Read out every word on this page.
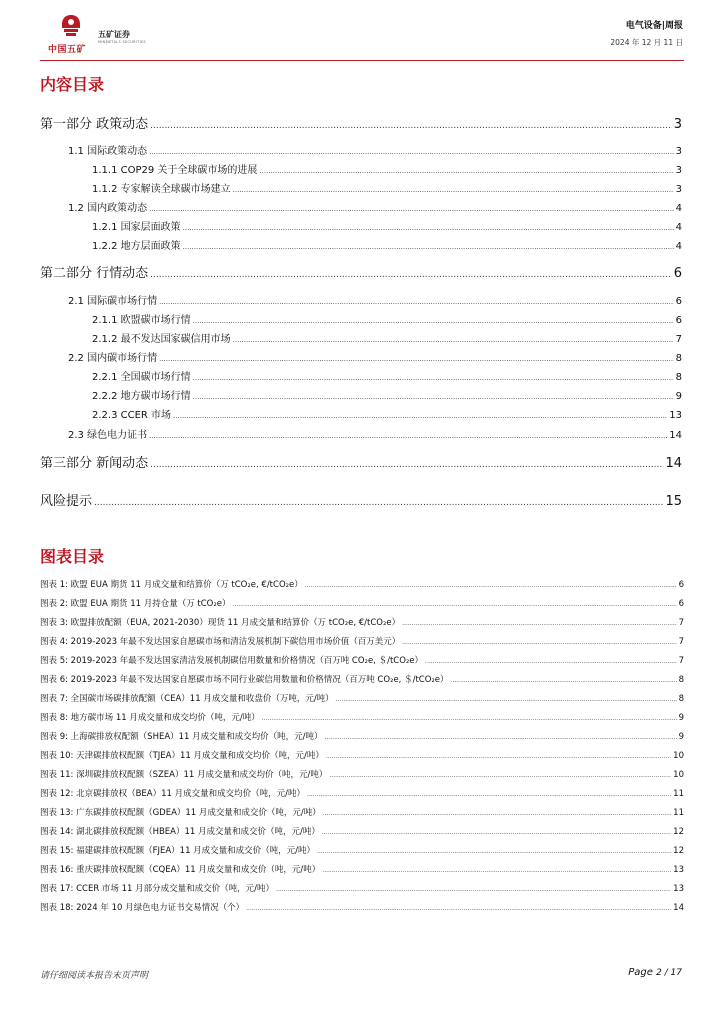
中国五矿
五矿证券
MINMETALS SECURITIES
电气设备|周报
2024 年 12 月 11 日
内容目录
第一部分 政策动态 .....	3
1.1 国际政策动态 .....	3
1.1.1 COP29 关于全球碳市场的进展 .....	3
1.1.2 专家解读全球碳市场建立 .....	3
1.2 国内政策动态 .....	4
1.2.1 国家层面政策 .....	4
1.2.2 地方层面政策 .....	4
第二部分 行情动态 .....	6
2.1 国际碳市场行情 .....	6
2.1.1 欧盟碳市场行情 .....	6
2.1.2 最不发达国家碳信用市场 .....	7
2.2 国内碳市场行情 .....	8
2.2.1 全国碳市场行情 .....	8
2.2.2 地方碳市场行情 .....	9
2.2.3 CCER 市场 .....	13
2.3 绿色电力证书 .....	14
第三部分 新闻动态 .....	14
风险提示 .....	15
图表目录
图表 1: 欧盟 EUA 期货 11 月成交量和结算价（万 tCO₂e, €/tCO₂e） .....	6
图表 2: 欧盟 EUA 期货 11 月持仓量（万 tCO₂e） .....	6
图表 3: 欧盟排放配额（EUA, 2021-2030）现货 11 月成交量和结算价（万 tCO₂e, €/tCO₂e） .....	7
图表 4: 2019-2023 年最不发达国家自愿碳市场和清洁发展机制下碳信用市场价值（百万美元） .....	7
图表 5: 2019-2023 年最不发达国家清洁发展机制碳信用数量和价格情况（百万吨 CO₂e, ＄/tCO₂e） .....	7
图表 6: 2019-2023 年最不发达国家自愿碳市场不同行业碳信用数量和价格情况（百万吨 CO₂e, ＄/tCO₂e） .....	8
图表 7: 全国碳市场碳排放配额（CEA）11 月成交量和收盘价（万吨，元/吨） .....	8
图表 8: 地方碳市场 11 月成交量和成交均价（吨，元/吨） .....	9
图表 9: 上海碳排放权配额（SHEA）11 月成交量和成交均价（吨，元/吨） .....	9
图表 10: 天津碳排放权配额（TJEA）11 月成交量和成交均价（吨，元/吨） .....	10
图表 11: 深圳碳排放权配额（SZEA）11 月成交量和成交均价（吨，元/吨） .....	10
图表 12: 北京碳排放权（BEA）11 月成交量和成交均价（吨，元/吨） .....	11
图表 13: 广东碳排放权配额（GDEA）11 月成交量和成交价（吨，元/吨） .....	11
图表 14: 湖北碳排放权配额（HBEA）11 月成交量和成交价（吨，元/吨） .....	12
图表 15: 福建碳排放权配额（FJEA）11 月成交量和成交价（吨，元/吨） .....	12
图表 16: 重庆碳排放权配额（CQEA）11 月成交量和成交价（吨，元/吨） .....	13
图表 17: CCER 市场 11 月部分成交量和成交价（吨，元/吨） .....	13
图表 18: 2024 年 10 月绿色电力证书交易情况（个） .....	14
请仔细阅读本报告末页声明	Page 2 / 17
